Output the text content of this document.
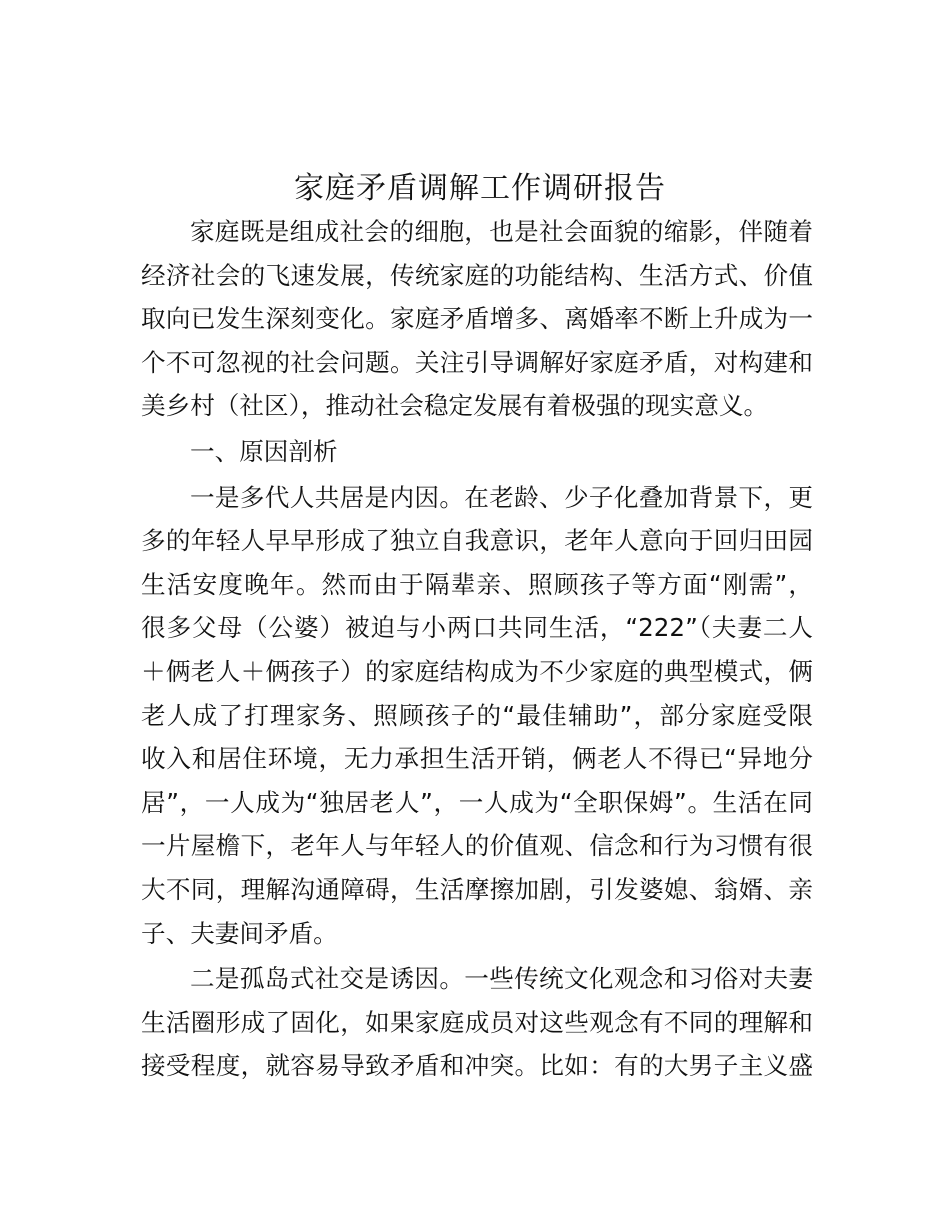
家庭矛盾调解工作调研报告
家庭既是组成社会的细胞，也是社会面貌的缩影，伴随着
经济社会的飞速发展，传统家庭的功能结构、生活方式、价值
取向已发生深刻变化。家庭矛盾增多、离婚率不断上升成为一
个不可忽视的社会问题。关注引导调解好家庭矛盾，对构建和
美乡村（社区），推动社会稳定发展有着极强的现实意义。
一、原因剖析
一是多代人共居是内因。在老龄、少子化叠加背景下，更
多的年轻人早早形成了独立自我意识，老年人意向于回归田园
生活安度晚年。然而由于隔辈亲、照顾孩子等方面“刚需”，
很多父母（公婆）被迫与小两口共同生活，“222”（夫妻二人
＋俩老人＋俩孩子）的家庭结构成为不少家庭的典型模式，俩
老人成了打理家务、照顾孩子的“最佳辅助”，部分家庭受限
收入和居住环境，无力承担生活开销，俩老人不得已“异地分
居”，一人成为“独居老人”，一人成为“全职保姆”。生活在同
一片屋檐下，老年人与年轻人的价值观、信念和行为习惯有很
大不同，理解沟通障碍，生活摩擦加剧，引发婆媳、翁婿、亲
子、夫妻间矛盾。
二是孤岛式社交是诱因。一些传统文化观念和习俗对夫妻
生活圈形成了固化，如果家庭成员对这些观念有不同的理解和
接受程度，就容易导致矛盾和冲突。比如：有的大男子主义盛
